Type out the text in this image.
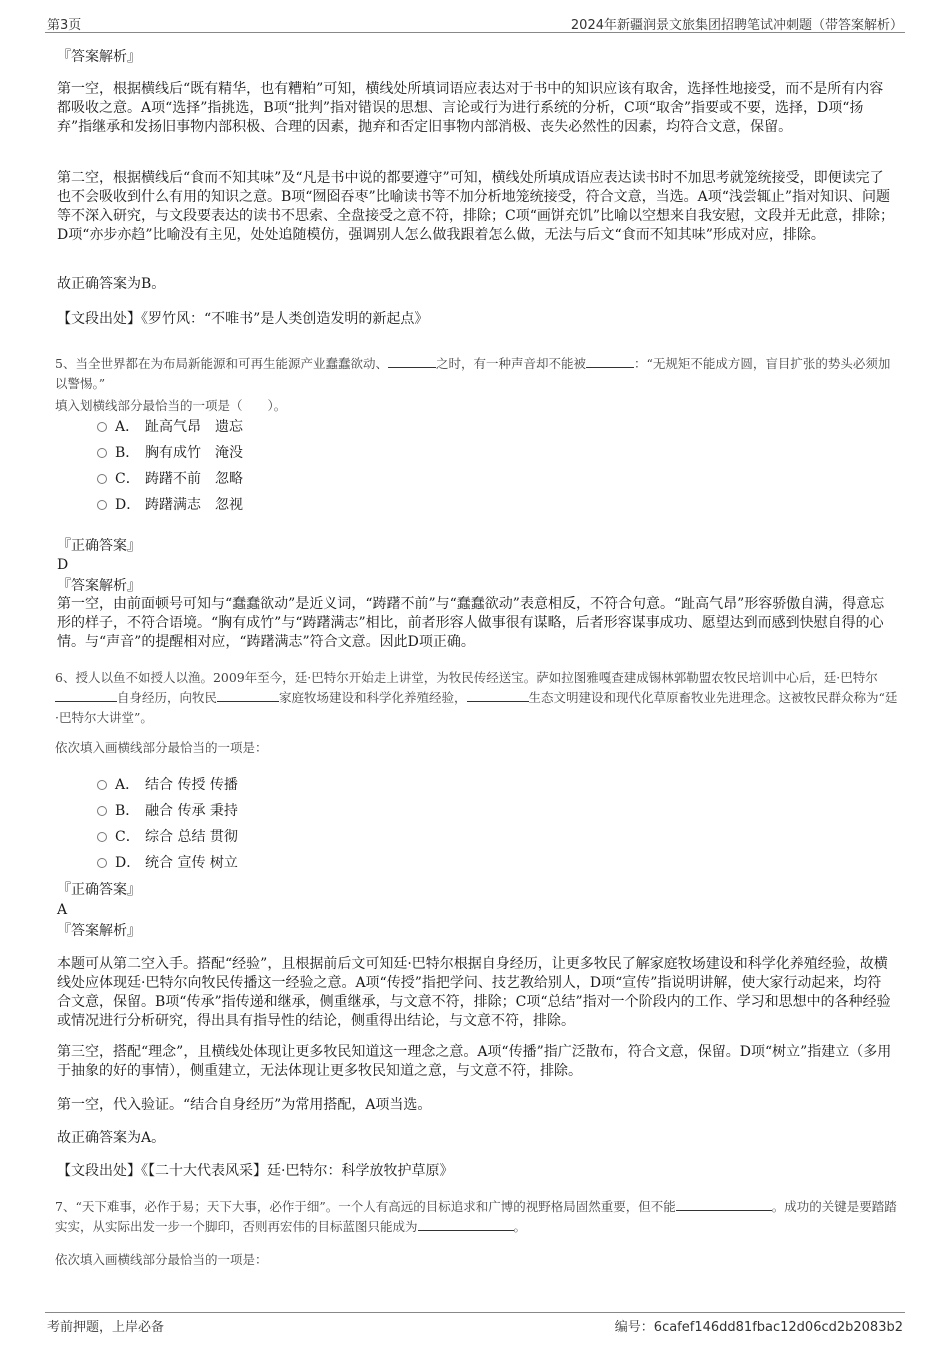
第3页	2024年新疆润景文旅集团招聘笔试冲刺题（带答案解析）
『答案解析』

第一空，根据横线后“既有精华，也有糟粕”可知，横线处所填词语应表达对于书中的知识应该有取舍，选择性地接受，而不是所有内容都吸收之意。A项“选择”指挑选，B项“批判”指对错误的思想、言论或行为进行系统的分析，C项“取舍”指要或不要，选择，D项“扬弃”指继承和发扬旧事物内部积极、合理的因素，抛弃和否定旧事物内部消极、丧失必然性的因素，均符合文意，保留。

第二空，根据横线后“食而不知其味”及“凡是书中说的都要遵守”可知，横线处所填成语应表达读书时不加思考就笼统接受，即便读完了也不会吸收到什么有用的知识之意。B项“囫囵吞枣”比喻读书等不加分析地笼统接受，符合文意，当选。A项“浅尝辄止”指对知识、问题等不深入研究，与文段要表达的读书不思索、全盘接受之意不符，排除；C项“画饼充饥”比喻以空想来自我安慰，文段并无此意，排除；D项“亦步亦趋”比喻没有主见，处处追随模仿，强调别人怎么做我跟着怎么做，无法与后文“食而不知其味”形成对应，排除。

故正确答案为B。
【文段出处】《罗竹风：“不唯书”是人类创造发明的新起点》
5、当全世界都在为布局新能源和可再生能源产业蠢蠢欲动、	之时，有一种声音却不能被	：“无规矩不能成方圆，盲目扩张的势头必须加以警惕。”
填入划横线部分最恰当的一项是（　　）。
A． 趾高气昂　遗忘
B． 胸有成竹　淹没
C． 踌躇不前　忽略
D． 踌躇满志　忽视
『正确答案』
D
『答案解析』

第一空，由前面顿号可知与“蠢蠢欲动”是近义词，“踌躇不前”与“蠢蠢欲动”表意相反，不符合句意。“趾高气昂”形容骄傲自满，得意忘形的样子，不符合语境。“胸有成竹”与“踌躇满志”相比，前者形容人做事很有谋略，后者形容谋事成功、愿望达到而感到快慰自得的心情。与“声音”的提醒相对应，“踌躇满志”符合文意。因此D项正确。

6、授人以鱼不如授人以渔。2009年至今，廷·巴特尔开始走上讲堂，为牧民传经送宝。萨如拉图雅嘎查建成锡林郭勒盟农牧民培训中心后，廷·巴特尔自身经历，向牧民	家庭牧场建设和科学化养殖经验，	生态文明建设和现代化草原畜牧业先进理念。这被牧民群众称为“廷·巴特尔大讲堂”。
依次填入画横线部分最恰当的一项是：
A． 结合 传授 传播
B． 融合 传承 秉持
C． 综合 总结 贯彻
D． 统合 宣传 树立
『正确答案』
A
『答案解析』

本题可从第二空入手。搭配“经验”，且根据前后文可知廷·巴特尔根据自身经历，让更多牧民了解家庭牧场建设和科学化养殖经验，故横线处应体现廷·巴特尔向牧民传播这一经验之意。A项“传授”指把学问、技艺教给别人，D项“宣传”指说明讲解，使大家行动起来，均符合文意，保留。B项“传承”指传递和继承，侧重继承，与文意不符，排除；C项“总结”指对一个阶段内的工作、学习和思想中的各种经验或情况进行分析研究，得出具有指导性的结论，侧重得出结论，与文意不符，排除。

第三空，搭配“理念”，且横线处体现让更多牧民知道这一理念之意。A项“传播”指广泛散布，符合文意，保留。D项“树立”指建立（多用于抽象的好的事情），侧重建立，无法体现让更多牧民知道之意，与文意不符，排除。

第一空，代入验证。“结合自身经历”为常用搭配，A项当选。
故正确答案为A。
【文段出处】《【二十大代表风采】廷·巴特尔：科学放牧护草原》
7、“天下难事，必作于易；天下大事，必作于细”。一个人有高远的目标追求和广博的视野格局固然重要，但不能	。成功的关键是要踏踏实实，从实际出发一步一个脚印，否则再宏伟的目标蓝图只能成为	。
依次填入画横线部分最恰当的一项是：
考前押题，上岸必备	编号：6cafef146dd81fbac12d06cd2b2083b2
